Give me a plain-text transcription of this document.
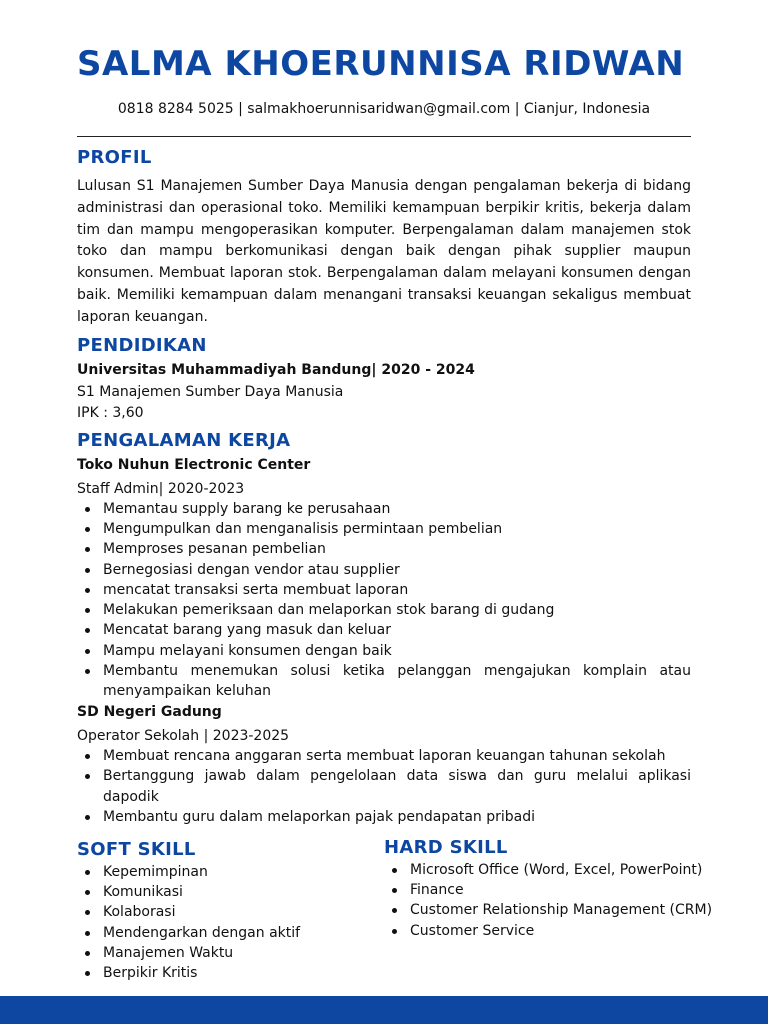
SALMA KHOERUNNISA RIDWAN
0818 8284 5025 | salmakhoerunnisaridwan@gmail.com | Cianjur, Indonesia
PROFIL

Lulusan S1 Manajemen Sumber Daya Manusia dengan pengalaman bekerja di bidang administrasi dan operasional toko. Memiliki kemampuan berpikir kritis, bekerja dalam tim dan mampu mengoperasikan komputer. Berpengalaman dalam manajemen stok toko dan mampu berkomunikasi dengan baik dengan pihak supplier maupun konsumen. Membuat laporan stok. Berpengalaman dalam melayani konsumen dengan baik. Memiliki kemampuan dalam menangani transaksi keuangan sekaligus membuat laporan keuangan.

PENDIDIKAN
Universitas Muhammadiyah Bandung| 2020 - 2024
S1 Manajemen Sumber Daya Manusia
IPK : 3,60
PENGALAMAN KERJA
Toko Nuhun Electronic Center
Staff Admin| 2020-2023
Memantau supply barang ke perusahaan
Mengumpulkan dan menganalisis permintaan pembelian
Memproses pesanan pembelian
Bernegosiasi dengan vendor atau supplier
mencatat transaksi serta membuat laporan
Melakukan pemeriksaan dan melaporkan stok barang di gudang
Mencatat barang yang masuk dan keluar
Mampu melayani konsumen dengan baik
Membantu menemukan solusi ketika pelanggan mengajukan komplain atau menyampaikan keluhan
SD Negeri Gadung
Operator Sekolah | 2023-2025
Membuat rencana anggaran serta membuat laporan keuangan tahunan sekolah
Bertanggung jawab dalam pengelolaan data siswa dan guru melalui aplikasi dapodik
Membantu guru dalam melaporkan pajak pendapatan pribadi
SOFT SKILL
Kepemimpinan
Komunikasi
Kolaborasi
Mendengarkan dengan aktif
Manajemen Waktu
Berpikir Kritis
HARD SKILL
Microsoft Office (Word, Excel, PowerPoint)
Finance
Customer Relationship Management (CRM)
Customer Service
